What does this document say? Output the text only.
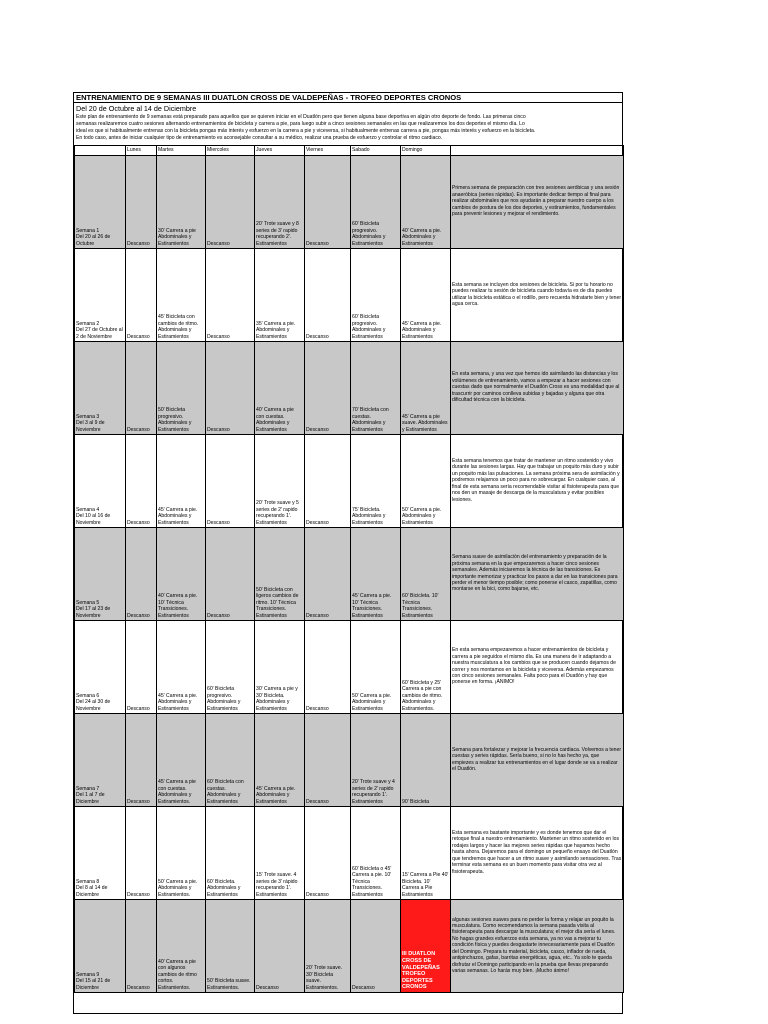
ENTRENAMIENTO DE 9 SEMANAS III DUATLON CROSS DE VALDEPEÑAS - TROFEO DEPORTES CRONOS
Del 20 de Octubre al 14 de Diciembre
Este plan de entrenamiento de 9 semanas está preparado para aquellos que se quieren iniciar en el Duatlón pero que tienen alguna base deportiva en algún otro deporte de fondo. Las primeras cinco
semanas realizaremos cuatro sesiones alternando entrenamientos de bicicleta y carrera a pie, para luego subir a cinco sesiones semanales en las que realizaremos los dos deportes el mismo día. Lo
ideal es que si habitualmente entrenas con la bicicleta pongas más interés y esfuerzo en la carrera a pie y viceversa, si habitualmente entrenas carrera a pie, pongas más interés y esfuerzo en la bicicleta.
En todo caso, antes de iniciar cualquier tipo de entrenamiento es aconsejable consultar a su médico, realizar una prueba de esfuerzo y controlar el ritmo cardiaco.
	Lunes	Martes	Miercoles	Jueves	Viernes	Sabado	Domingo	

Semana 1
Del 20 al 26 de Octubre	Descanso	30' Carrera a pie Abdominales y Estiramientos	Descanso	20' Trote suave y 8 series de 3' rapido recuperando 2'. Estiramientos	Descanso	60' Bicicleta progresivo. Abdominales y Estiramientos	40' Carrera a pie. Abdominales y Estiramientos	Primera semana de preparación con tres sesiones aeróbicas y una sesión anaeróbica (series rápidas). Es importante dedicar tiempo al final para realizar abdominales que nos ayudarán a preparar nuestro cuerpo a los cambios de postura de los dos deportes, y estiramientos, fundamentales para prevenir lesiones y mejorar el rendimiento.

Semana 2
Del 27 de Octubre al 2 de Noviembre	Descanso	45' Bicicleta con cambios de ritmo. Abdominales y Estiramientos	Descanso	35' Carrera a pie. Abdominales y Estiramientos	Descanso	60' Bicicleta progresivo. Abdominales y Estiramientos	45' Carrera a pie. Abdominales y Estiramientos	Esta semana se incluyen dos sesiones de bicicleta. Si por tu horario no puedes realizar tu sesión de bicicleta cuando todavía es de día puedes utilizar la bicicleta estática o el rodillo, pero recuerda hidratarte bien y tener agua cerca.

Semana 3
Del 3 al 9 de Noviembre	Descanso	50' Bicicleta progresivo. Abdominales y Estiramientos	Descanso	40' Carrera a pie con cuestas. Abdominales y Estiramientos	Descanso	70' Bicicleta con cuestas. Abdominales y Estiramientos	45' Carrera a pie suave. Abdominales y Estiramientos	En esta semana, y una vez que hemos ido asimilando las distancias y los volúmenes de entrenamiento, vamos a empezar a hacer sesiones con cuestas dado que normalmente el Duatlón Cross es una modalidad que al trascurrir por caminos conlleva subidas y bajadas y alguna que otra dificultad técnica con la bicicleta.

Semana 4
Del 10 al 16 de Noviembre	Descanso	45' Carrera a pie. Abdominales y Estiramientos	Descanso	20' Trote suave y 5 series de 2' rapido recuperando 1'. Estiramientos	Descanso	75' Bicicleta. Abdominales y Estiramientos	50' Carrera a pie. Abdominales y Estiramientos	Esta semana tenemos que tratar de mantener un ritmo sostenido y vivo durante las sesiones largas. Hay que trabajar un poquito más duro y subir un poquito más las pulsaciones. La semana próxima sera de asimilación y podremos relajarnos un poco para no sobrecargar. En cualquier caso, al final de esta semana sería recomendable visitar al fisioterapeuta para que nos den un masaje de descarga de la musculatura y evitar posibles lesiones.

Semana 5
Del 17 al 23 de Noviembre	Descanso	40' Carrera a pie. 10' Técnica Transiciones. Estiramientos	Descanso	50' Bicicleta con ligeros cambios de ritmo. 10' Técnica Transiciones. Estiramientos	Descanso	45' Carrera a pie. 10' Técnica Transiciones. Estiramientos	60' Bicicleta. 10' Técnica Transiciones. Estiramientos	Semana suave de asimilación del entrenamiento y preparación de la próxima semana en la que empezaremos a hacer cinco sesiones semanales. Además iniciaremos la técnica de las transiciones. Es importante memorizar y practicar los pasos a dar en las transiciones para perder el menor tiempo posible; como ponerse el casco, zapatillas, como montarse en la bici, como bajarse, etc.

Semana 6
Del 24 al 30 de Noviembre	Descanso	45' Carrera a pie. Abdominales y Estiramientos	60' Bicicleta progresivo. Abdominales y Estiramientos	30' Carrera a pie y 30' Bicicleta. Abdominales y Estiramientos	Descanso	50' Carrera a pie. Abdominales y Estiramientos	60' Bicicleta y 25' Carrera a pie con cambios de ritmo. Abdominales y Estiramientos.	En esta semana empezaremos a hacer entrenamientos de bicicleta y carrera a pie seguidos el mismo día. Es una manera de ir adaptando a nuestra musculatura a los cambios que se producen cuando dejamos de correr y nos montamos en la bicicleta y viceversa. Además empezamos con cinco sesiones semanales. Falta poco para el Duatlón y hay que ponerse en forma. ¡ANIMO!

Semana 7
Del 1 al 7 de Diciembre	Descanso	45' Carrera a pie con cuestas. Abdominales y Estiramientos.	60' Bicicleta con cuestas. Abdominales y Estiramientos	45' Carrera a pie. Abdominales y Estiramientos	Descanso	20' Trote suave y 4 series de 2' rapido recuperando 1'. Estiramientos	90' Bicicleta	Semana para fortalezar y mejorar la frecuencia cardiaca. Volvemos a tener cuestas y series rápidas. Sería bueno, si no lo has hecho ya, que empiezes a realizar tus entrenamientos en el lugar donde se va a realizar el Duatlón.

Semana 8
Del 8 al 14 de Diciembre	Descanso	50' Carrera a pie. Abdominales y Estiramientos.	60' Bicicleta. Abdominales y Estiramientos	15' Trote suave. 4 series de 3' rápido recuperando 1'. Estiramientos	Descanso	60' Bicicleta o 45' Carrera a pie. 10' Técnica Transiciones. Estiramientos	15' Carrera a Pie 40' Bicicleta. 10' Carrera a Pie Estiramientos	Esta semana es bastante importante y es donde tenemos que dar el retoque final a nuestro entrenamiento. Mantener un ritmo sostenido en los rodajes largos y hacer las mejores series rápidas que hayamos hecho hasta ahora. Dejaremos para el domingo un pequeño ensayo del Duatlón que tendremos que hacer a un ritmo suave y asimilando sensaciones. Tras terminar esta semana es un buen momento para visitar otra vez al fisioterapeuta.

Semana 9
Del 15 al 21 de Diciembre	Descanso	40' Carrera a pie con algunos cambios de ritmo cortos. Estiramientos.	50' Bicicleta suave. Estiramientos.	Descanso	20' Trote suave. 30' Bicicleta suave. Estiramientos.	Descanso	III DUATLON CROSS DE VALDEPEÑAS TROFEO DEPORTES CRONOS	algunas sesiones suaves para no perder la forma y relajar un poquito la musculatura. Como recomendamos la semana pasada visita al fisioterapeuta para descargar la musculatura; el mejor día sería el lunes. No hagas grandes esfuerzos esta semana, ya no vas a mejorar tu condición física y puedes desgastarte innecesariamente para el Duatlón del Domingo. Prepara tu material, bicicleta, casco, inflador de rueda, antipinchazos, gafas, barritas energéticas, agua, etc.. Ya solo te queda disfrutar el Domingo participando en la prueba que llevas preparando varias semanas. Lo harás muy bien. ¡Mucho ánimo!
